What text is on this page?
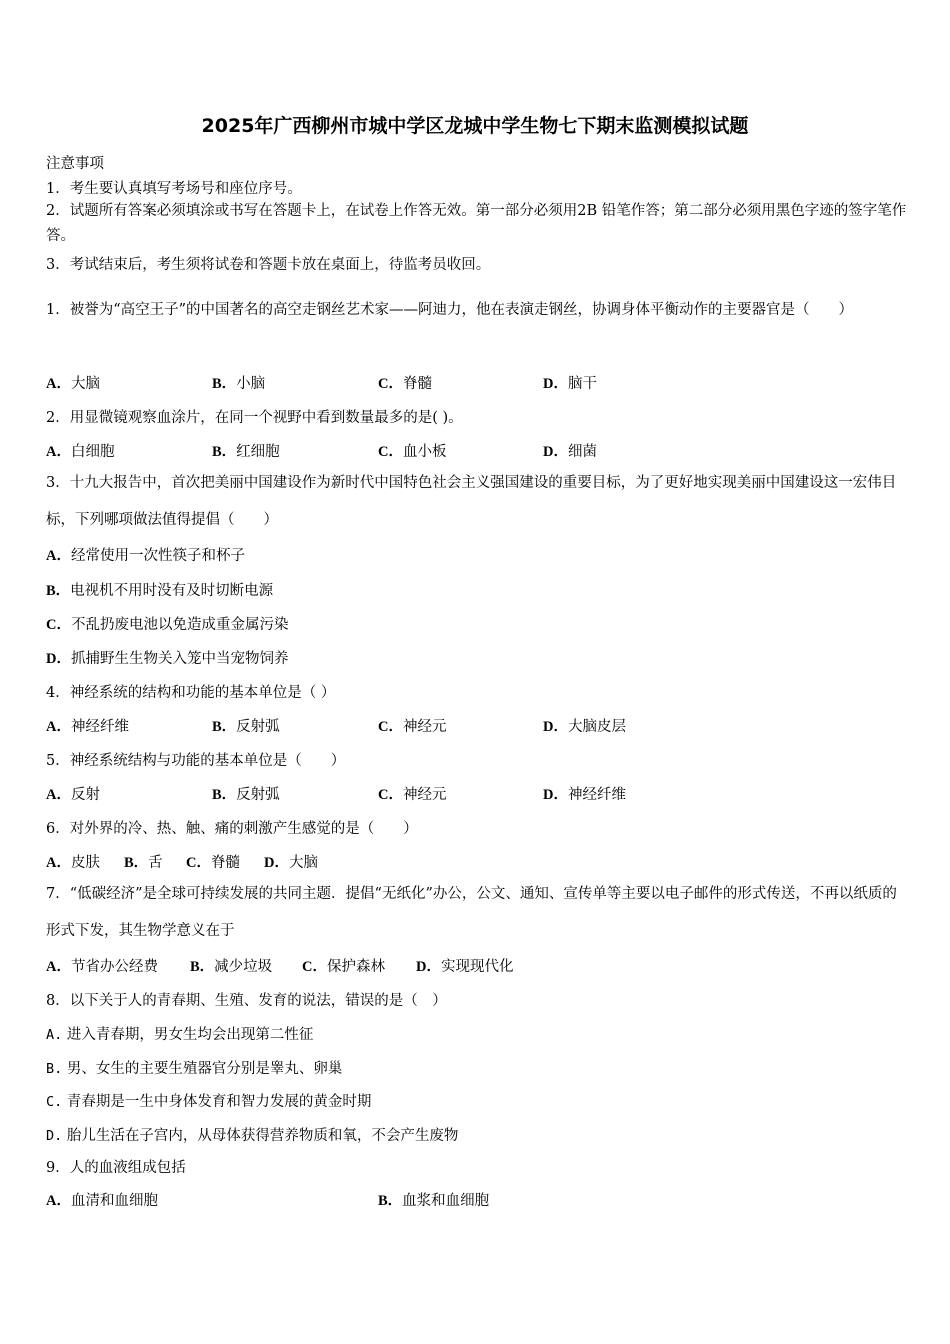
2025年广西柳州市城中学区龙城中学生物七下期末监测模拟试题
注意事项
1．考生要认真填写考场号和座位序号。
2．试题所有答案必须填涂或书写在答题卡上，在试卷上作答无效。第一部分必须用2B 铅笔作答；第二部分必须用黑色字迹的签字笔作答。
3．考试结束后，考生须将试卷和答题卡放在桌面上，待监考员收回。
1．被誉为“高空王子”的中国著名的高空走钢丝艺术家——阿迪力，他在表演走钢丝，协调身体平衡动作的主要器官是（　　）
A．大脑	B．小脑	C．脊髓	D．脑干
2．用显微镜观察血涂片，在同一个视野中看到数量最多的是( )。
A．白细胞	B．红细胞	C．血小板	D．细菌
3．十九大报告中，首次把美丽中国建设作为新时代中国特色社会主义强国建设的重要目标，为了更好地实现美丽中国建设这一宏伟目标，下列哪项做法值得提倡（　　）
A．经常使用一次性筷子和杯子
B．电视机不用时没有及时切断电源
C．不乱扔废电池以免造成重金属污染
D．抓捕野生生物关入笼中当宠物饲养
4．神经系统的结构和功能的基本单位是（ ）
A．神经纤维	B．反射弧	C．神经元	D．大脑皮层
5．神经系统结构与功能的基本单位是（　　）
A．反射	B．反射弧	C．神经元	D．神经纤维
6．对外界的冷、热、触、痛的刺激产生感觉的是（　　）
A．皮肤 B．舌 C．脊髓 D．大脑
7．“低碳经济”是全球可持续发展的共同主题．提倡“无纸化”办公，公文、通知、宣传单等主要以电子邮件的形式传送，不再以纸质的形式下发，其生物学意义在于
A．节省办公经费 B．减少垃圾 C．保护森林 D．实现现代化
8．以下关于人的青春期、生殖、发育的说法，错误的是（　）
A. 进入青春期，男女生均会出现第二性征
B. 男、女生的主要生殖器官分别是睾丸、卵巢
C. 青春期是一生中身体发育和智力发展的黄金时期
D. 胎儿生活在子宫内，从母体获得营养物质和氧，不会产生废物
9．人的血液组成包括
A．血清和血细胞	B．血浆和血细胞
